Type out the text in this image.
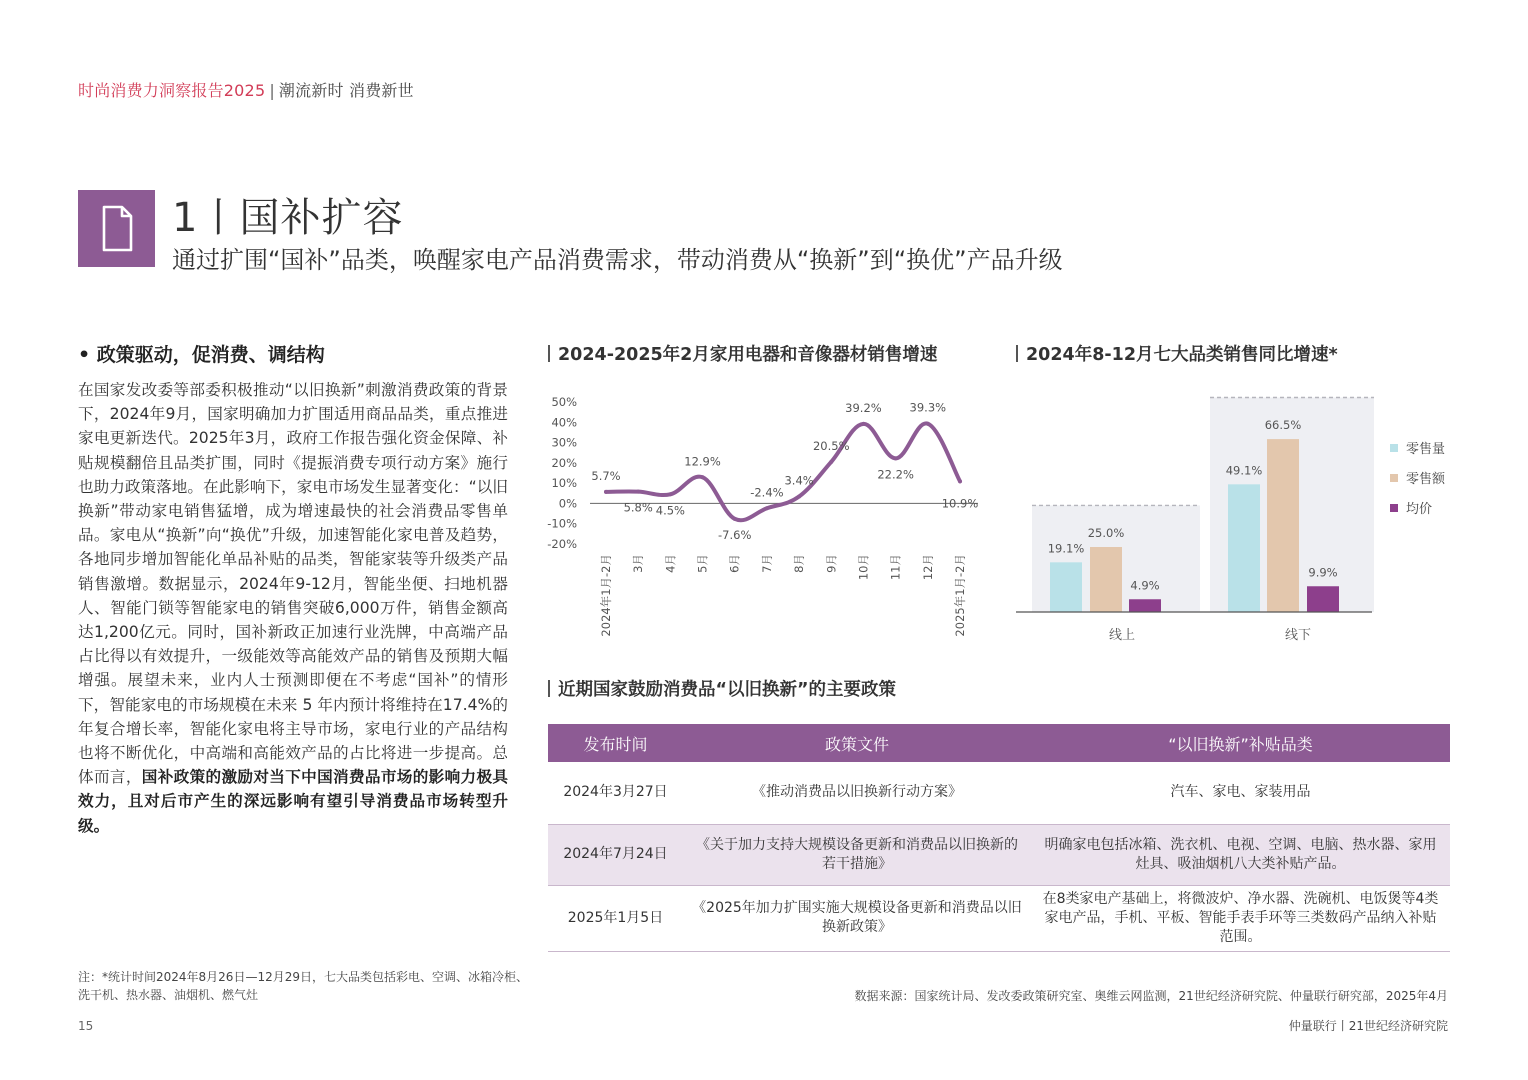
时尚消费力洞察报告2025 | 潮流新时 消费新世
1丨国补扩容
通过扩围“国补”品类，唤醒家电产品消费需求，带动消费从“换新”到“换优”产品升级
• 政策驱动，促消费、调结构
在国家发改委等部委积极推动“以旧换新”刺激消费政策的背景下，2024年9月，国家明确加力扩围适用商品品类，重点推进家电更新迭代。2025年3月，政府工作报告强化资金保障、补贴规模翻倍且品类扩围，同时《提振消费专项行动方案》施行也助力政策落地。在此影响下，家电市场发生显著变化：“以旧换新”带动家电销售猛增，成为增速最快的社会消费品零售单品。家电从“换新”向“换优”升级，加速智能化家电普及趋势，各地同步增加智能化单品补贴的品类，智能家装等升级类产品销售激增。数据显示，2024年9-12月，智能坐便、扫地机器人、智能门锁等智能家电的销售突破6,000万件，销售金额高达1,200亿元。同时，国补新政正加速行业洗牌，中高端产品占比得以有效提升，一级能效等高能效产品的销售及预期大幅增强。展望未来，业内人士预测即便在不考虑“国补”的情形下，智能家电的市场规模在未来 5 年内预计将维持在17.4%的年复合增长率，智能化家电将主导市场，家电行业的产品结构也将不断优化，中高端和高能效产品的占比将进一步提高。总体而言，国补政策的激励对当下中国消费品市场的影响力极具效力，且对后市产生的深远影响有望引导消费品市场转型升级。
2024-2025年2月家用电器和音像器材销售增速
50%
40%
30%
20%
10%
0%
-10%
-20%
5.7%
5.8% 4.5%
12.9%
-7.6%
-2.4%
3.4%
20.5%
39.2%
22.2%
39.3%
10.9%
2024年1月-2月 3月 4月 5月 6月 7月 8月 9月 10月 11月 12月 2025年1月-2月
2024年8-12月七大品类销售同比增速*
19.1%
25.0%
4.9%
线上
49.1%
66.5%
9.9%
线下
零售量
零售额
均价
近期国家鼓励消费品“以旧换新”的主要政策
发布时间	政策文件	“以旧换新”补贴品类
2024年3月27日	《推动消费品以旧换新行动方案》	汽车、家电、家装用品
2024年7月24日	《关于加力支持大规模设备更新和消费品以旧换新的若干措施》	明确家电包括冰箱、洗衣机、电视、空调、电脑、热水器、家用灶具、吸油烟机八大类补贴产品。
2025年1月5日	《2025年加力扩围实施大规模设备更新和消费品以旧换新政策》	在8类家电产基础上，将微波炉、净水器、洗碗机、电饭煲等4类家电产品，手机、平板、智能手表手环等三类数码产品纳入补贴范围。
注：*统计时间2024年8月26日—12月29日，七大品类包括彩电、空调、冰箱冷柜、洗干机、热水器、油烟机、燃气灶	数据来源：国家统计局、发改委政策研究室、奥维云网监测，21世纪经济研究院、仲量联行研究部，2025年4月
15	仲量联行丨21世纪经济研究院
